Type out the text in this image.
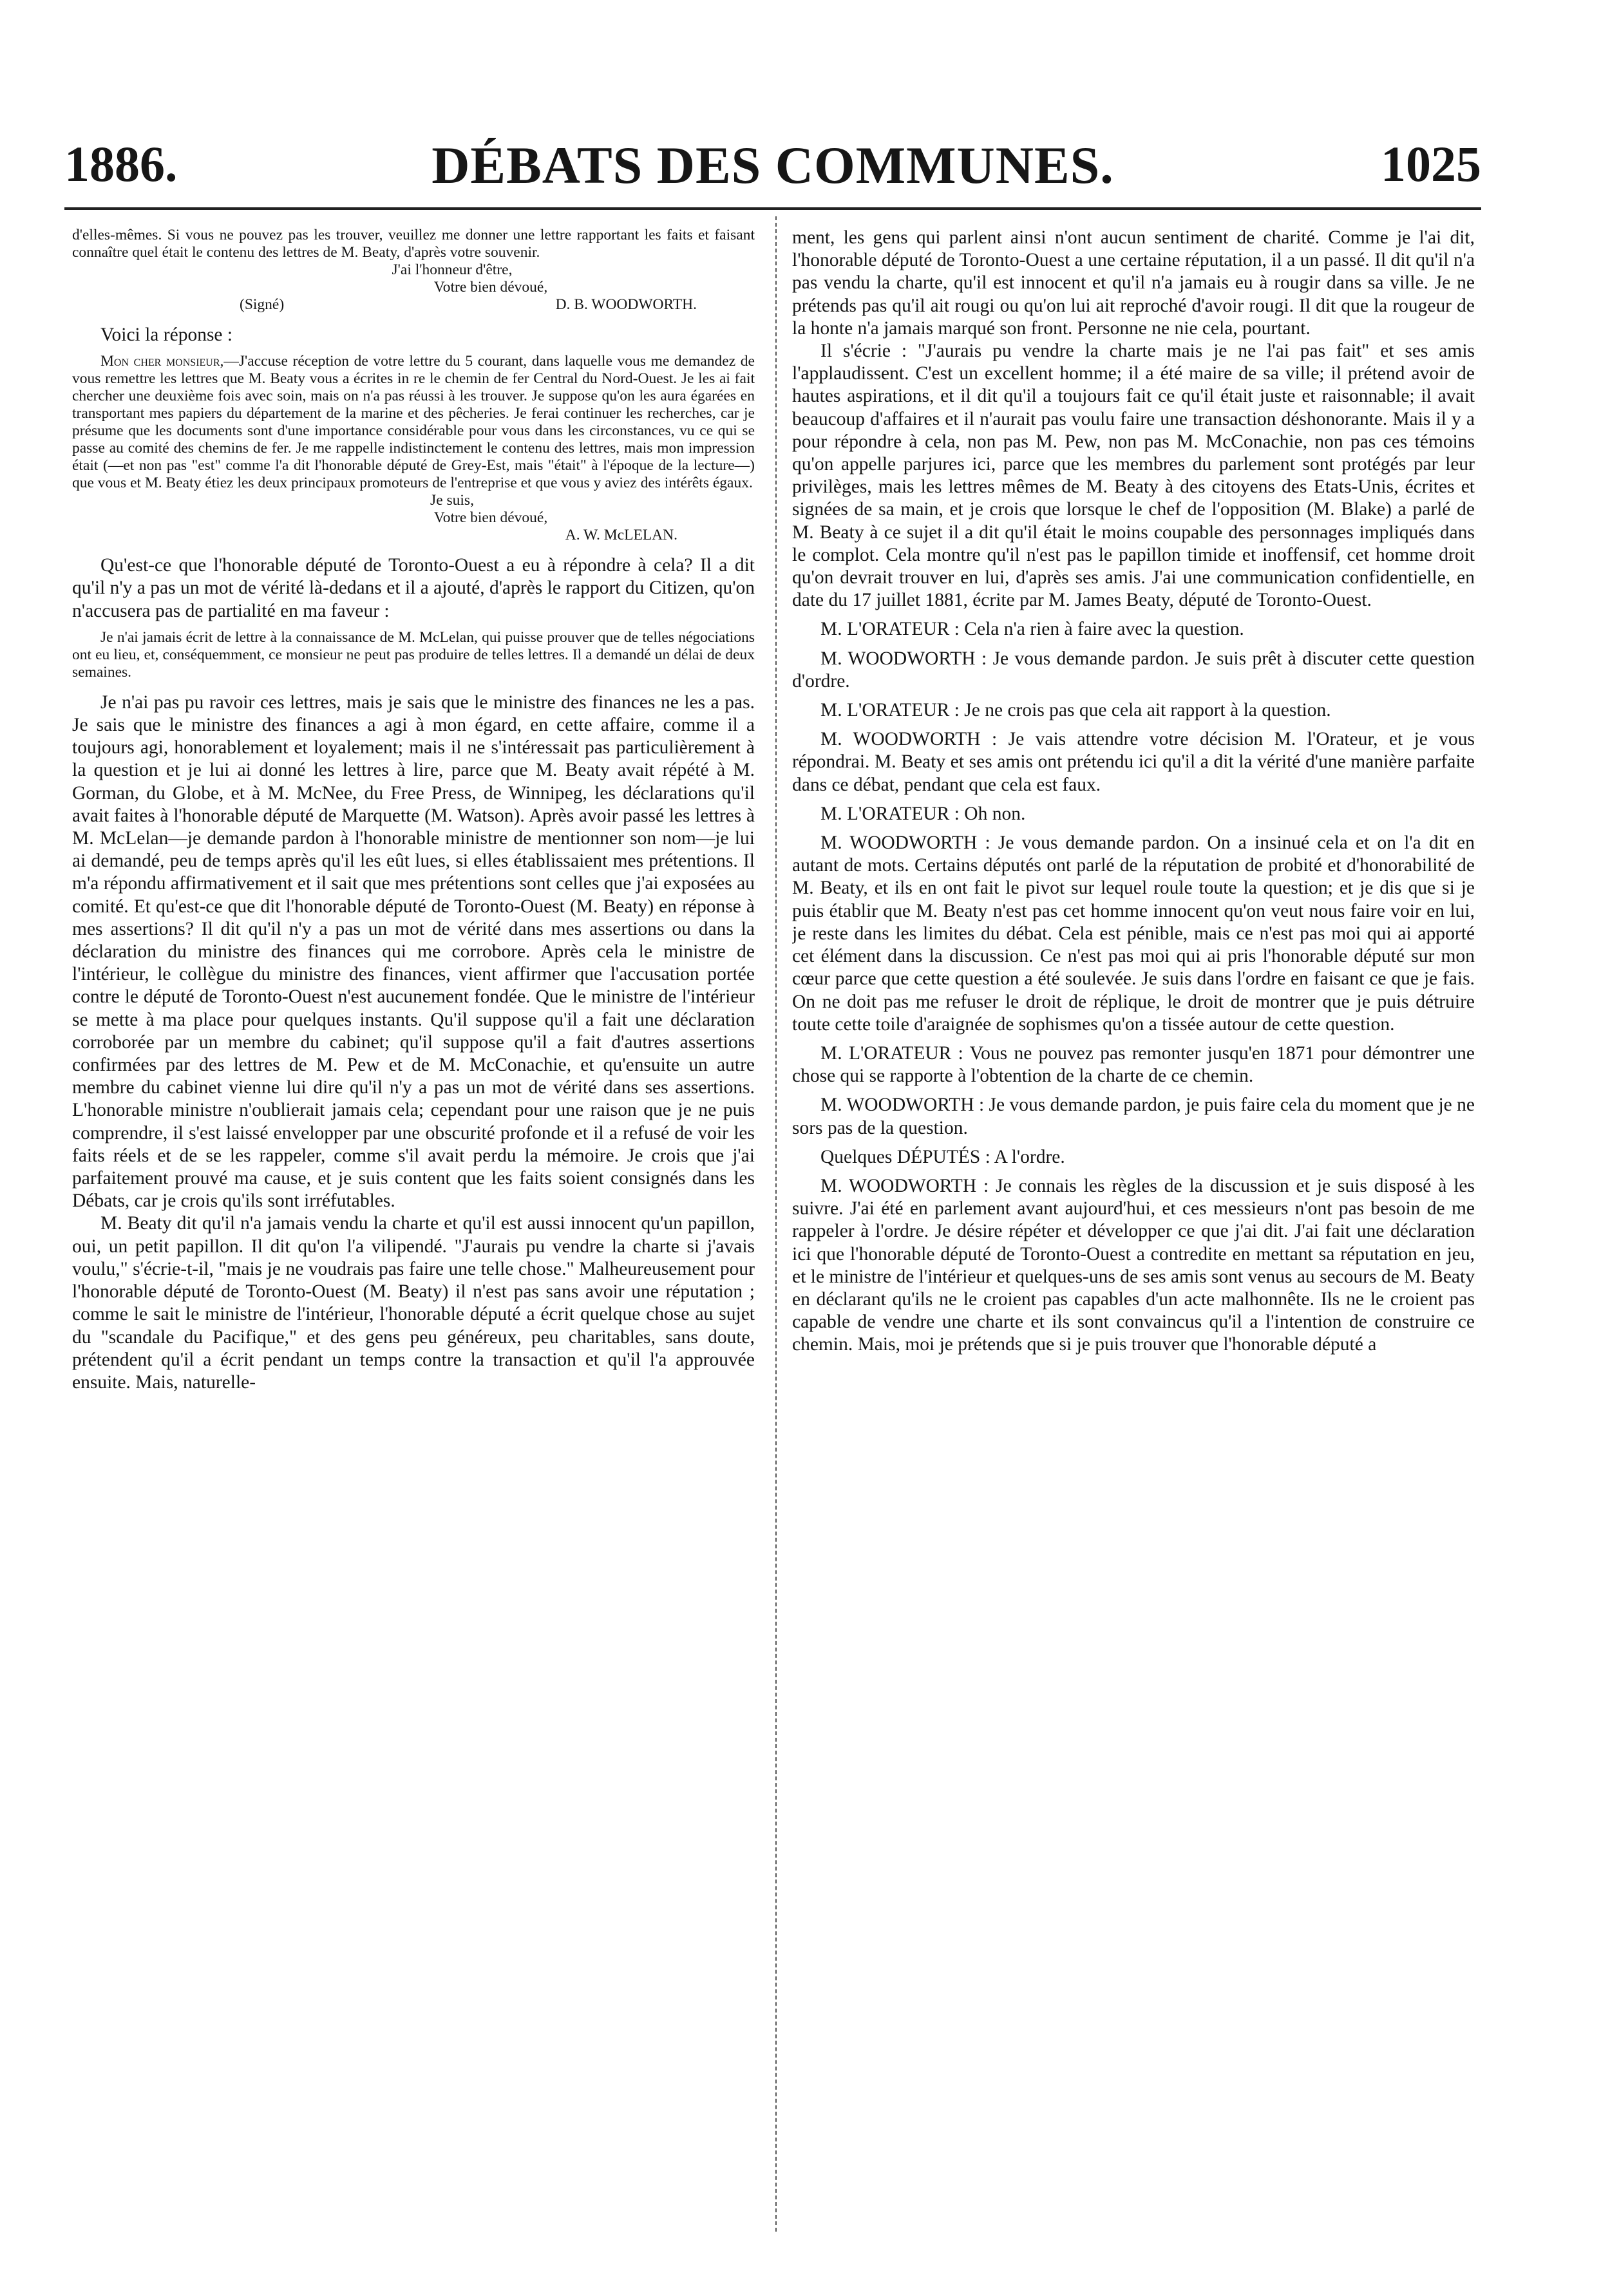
1886.	DÉBATS DES COMMUNES.	1025

d'elles-mêmes. Si vous ne pouvez pas les trouver, veuillez me donner une lettre rapportant les faits et faisant connaître quel était le contenu des lettres de M. Beaty, d'après votre souvenir.

J'ai l'honneur d'être,

Votre bien dévoué,

(Signé)	D. B. WOODWORTH.

Voici la réponse :

Mon cher monsieur,—J'accuse réception de votre lettre du 5 courant, dans laquelle vous me demandez de vous remettre les lettres que M. Beaty vous a écrites in re le chemin de fer Central du Nord-Ouest. Je les ai fait chercher une deuxième fois avec soin, mais on n'a pas réussi à les trouver. Je suppose qu'on les aura égarées en transportant mes papiers du département de la marine et des pêcheries. Je ferai continuer les recherches, car je présume que les documents sont d'une importance considérable pour vous dans les circonstances, vu ce qui se passe au comité des chemins de fer. Je me rappelle indistinctement le contenu des lettres, mais mon impression était (—et non pas "est" comme l'a dit l'honorable député de Grey-Est, mais "était" à l'époque de la lecture—) que vous et M. Beaty étiez les deux principaux promoteurs de l'entreprise et que vous y aviez des intérêts égaux.

Je suis,

Votre bien dévoué,

A. W. McLELAN.

Qu'est-ce que l'honorable député de Toronto-Ouest a eu à répondre à cela? Il a dit qu'il n'y a pas un mot de vérité là-dedans et il a ajouté, d'après le rapport du Citizen, qu'on n'accusera pas de partialité en ma faveur :

Je n'ai jamais écrit de lettre à la connaissance de M. McLelan, qui puisse prouver que de telles négociations ont eu lieu, et, conséquemment, ce monsieur ne peut pas produire de telles lettres. Il a demandé un délai de deux semaines.

Je n'ai pas pu ravoir ces lettres, mais je sais que le ministre des finances ne les a pas. Je sais que le ministre des finances a agi à mon égard, en cette affaire, comme il a toujours agi, honorablement et loyalement; mais il ne s'intéressait pas particulièrement à la question et je lui ai donné les lettres à lire, parce que M. Beaty avait répété à M. Gorman, du Globe, et à M. McNee, du Free Press, de Winnipeg, les déclarations qu'il avait faites à l'honorable député de Marquette (M. Watson). Après avoir passé les lettres à M. McLelan—je demande pardon à l'honorable ministre de mentionner son nom—je lui ai demandé, peu de temps après qu'il les eût lues, si elles établissaient mes prétentions. Il m'a répondu affirmativement et il sait que mes prétentions sont celles que j'ai exposées au comité. Et qu'est-ce que dit l'honorable député de Toronto-Ouest (M. Beaty) en réponse à mes assertions? Il dit qu'il n'y a pas un mot de vérité dans mes assertions ou dans la déclaration du ministre des finances qui me corrobore. Après cela le ministre de l'intérieur, le collègue du ministre des finances, vient affirmer que l'accusation portée contre le député de Toronto-Ouest n'est aucunement fondée. Que le ministre de l'intérieur se mette à ma place pour quelques instants. Qu'il suppose qu'il a fait une déclaration corroborée par un membre du cabinet; qu'il suppose qu'il a fait d'autres assertions confirmées par des lettres de M. Pew et de M. McConachie, et qu'ensuite un autre membre du cabinet vienne lui dire qu'il n'y a pas un mot de vérité dans ses assertions. L'honorable ministre n'oublierait jamais cela; cependant pour une raison que je ne puis comprendre, il s'est laissé envelopper par une obscurité profonde et il a refusé de voir les faits réels et de se les rappeler, comme s'il avait perdu la mémoire. Je crois que j'ai parfaitement prouvé ma cause, et je suis content que les faits soient consignés dans les Débats, car je crois qu'ils sont irréfutables.

M. Beaty dit qu'il n'a jamais vendu la charte et qu'il est aussi innocent qu'un papillon, oui, un petit papillon. Il dit qu'on l'a vilipendé. "J'aurais pu vendre la charte si j'avais voulu," s'écrie-t-il, "mais je ne voudrais pas faire une telle chose." Malheureusement pour l'honorable député de Toronto-Ouest (M. Beaty) il n'est pas sans avoir une réputation ; comme le sait le ministre de l'intérieur, l'honorable député a écrit quelque chose au sujet du "scandale du Pacifique," et des gens peu généreux, peu charitables, sans doute, prétendent qu'il a écrit pendant un temps contre la transaction et qu'il l'a approuvée ensuite. Mais, naturelle-

ment, les gens qui parlent ainsi n'ont aucun sentiment de charité. Comme je l'ai dit, l'honorable député de Toronto-Ouest a une certaine réputation, il a un passé. Il dit qu'il n'a pas vendu la charte, qu'il est innocent et qu'il n'a jamais eu à rougir dans sa ville. Je ne prétends pas qu'il ait rougi ou qu'on lui ait reproché d'avoir rougi. Il dit que la rougeur de la honte n'a jamais marqué son front. Personne ne nie cela, pourtant.

Il s'écrie : "J'aurais pu vendre la charte mais je ne l'ai pas fait" et ses amis l'applaudissent. C'est un excellent homme; il a été maire de sa ville; il prétend avoir de hautes aspirations, et il dit qu'il a toujours fait ce qu'il était juste et raisonnable; il avait beaucoup d'affaires et il n'aurait pas voulu faire une transaction déshonorante. Mais il y a pour répondre à cela, non pas M. Pew, non pas M. McConachie, non pas ces témoins qu'on appelle parjures ici, parce que les membres du parlement sont protégés par leur privilèges, mais les lettres mêmes de M. Beaty à des citoyens des Etats-Unis, écrites et signées de sa main, et je crois que lorsque le chef de l'opposition (M. Blake) a parlé de M. Beaty à ce sujet il a dit qu'il était le moins coupable des personnages impliqués dans le complot. Cela montre qu'il n'est pas le papillon timide et inoffensif, cet homme droit qu'on devrait trouver en lui, d'après ses amis. J'ai une communication confidentielle, en date du 17 juillet 1881, écrite par M. James Beaty, député de Toronto-Ouest.

M. L'ORATEUR : Cela n'a rien à faire avec la question.

M. WOODWORTH : Je vous demande pardon. Je suis prêt à discuter cette question d'ordre.

M. L'ORATEUR : Je ne crois pas que cela ait rapport à la question.

M. WOODWORTH : Je vais attendre votre décision M. l'Orateur, et je vous répondrai. M. Beaty et ses amis ont prétendu ici qu'il a dit la vérité d'une manière parfaite dans ce débat, pendant que cela est faux.

M. L'ORATEUR : Oh non.

M. WOODWORTH : Je vous demande pardon. On a insinué cela et on l'a dit en autant de mots. Certains députés ont parlé de la réputation de probité et d'honorabilité de M. Beaty, et ils en ont fait le pivot sur lequel roule toute la question; et je dis que si je puis établir que M. Beaty n'est pas cet homme innocent qu'on veut nous faire voir en lui, je reste dans les limites du débat. Cela est pénible, mais ce n'est pas moi qui ai apporté cet élément dans la discussion. Ce n'est pas moi qui ai pris l'honorable député sur mon cœur parce que cette question a été soulevée. Je suis dans l'ordre en faisant ce que je fais. On ne doit pas me refuser le droit de réplique, le droit de montrer que je puis détruire toute cette toile d'araignée de sophismes qu'on a tissée autour de cette question.

M. L'ORATEUR : Vous ne pouvez pas remonter jusqu'en 1871 pour démontrer une chose qui se rapporte à l'obtention de la charte de ce chemin.

M. WOODWORTH : Je vous demande pardon, je puis faire cela du moment que je ne sors pas de la question.

Quelques DÉPUTÉS : A l'ordre.

M. WOODWORTH : Je connais les règles de la discussion et je suis disposé à les suivre. J'ai été en parlement avant aujourd'hui, et ces messieurs n'ont pas besoin de me rappeler à l'ordre. Je désire répéter et développer ce que j'ai dit. J'ai fait une déclaration ici que l'honorable député de Toronto-Ouest a contredite en mettant sa réputation en jeu, et le ministre de l'intérieur et quelques-uns de ses amis sont venus au secours de M. Beaty en déclarant qu'ils ne le croient pas capables d'un acte malhonnête. Ils ne le croient pas capable de vendre une charte et ils sont convaincus qu'il a l'intention de construire ce chemin. Mais, moi je prétends que si je puis trouver que l'honorable député a
